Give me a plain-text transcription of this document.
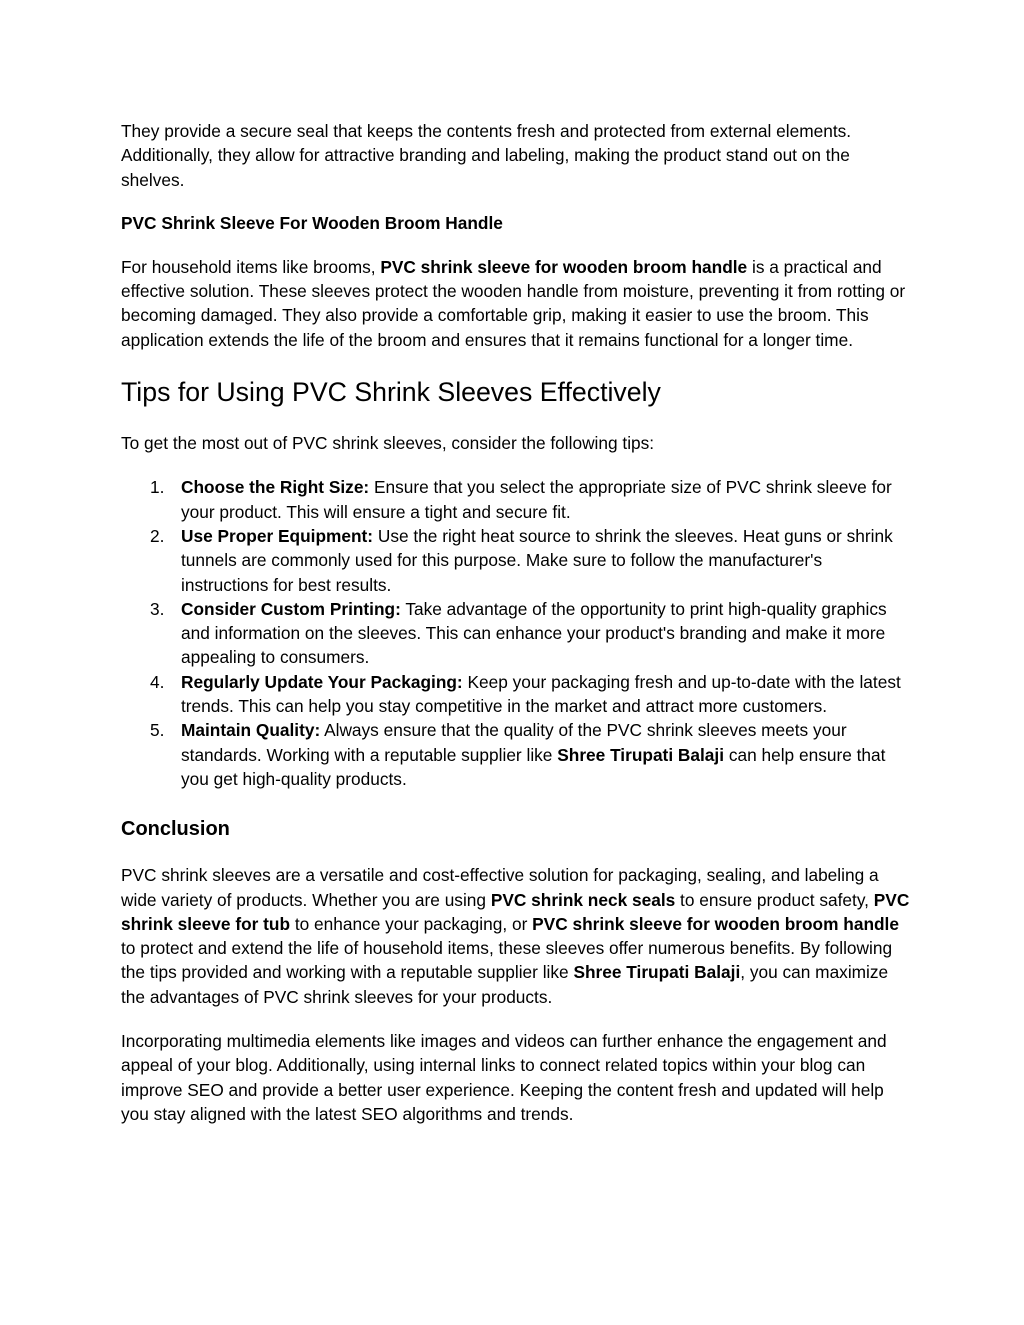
They provide a secure seal that keeps the contents fresh and protected from external elements. Additionally, they allow for attractive branding and labeling, making the product stand out on the shelves.

PVC Shrink Sleeve For Wooden Broom Handle

For household items like brooms, PVC shrink sleeve for wooden broom handle is a practical and effective solution. These sleeves protect the wooden handle from moisture, preventing it from rotting or becoming damaged. They also provide a comfortable grip, making it easier to use the broom. This application extends the life of the broom and ensures that it remains functional for a longer time.

Tips for Using PVC Shrink Sleeves Effectively

To get the most out of PVC shrink sleeves, consider the following tips:

1. Choose the Right Size: Ensure that you select the appropriate size of PVC shrink sleeve for your product. This will ensure a tight and secure fit.
2. Use Proper Equipment: Use the right heat source to shrink the sleeves. Heat guns or shrink tunnels are commonly used for this purpose. Make sure to follow the manufacturer's instructions for best results.
3. Consider Custom Printing: Take advantage of the opportunity to print high-quality graphics and information on the sleeves. This can enhance your product's branding and make it more appealing to consumers.
4. Regularly Update Your Packaging: Keep your packaging fresh and up-to-date with the latest trends. This can help you stay competitive in the market and attract more customers.
5. Maintain Quality: Always ensure that the quality of the PVC shrink sleeves meets your standards. Working with a reputable supplier like Shree Tirupati Balaji can help ensure that you get high-quality products.
Conclusion

PVC shrink sleeves are a versatile and cost-effective solution for packaging, sealing, and labeling a wide variety of products. Whether you are using PVC shrink neck seals to ensure product safety, PVC shrink sleeve for tub to enhance your packaging, or PVC shrink sleeve for wooden broom handle to protect and extend the life of household items, these sleeves offer numerous benefits. By following the tips provided and working with a reputable supplier like Shree Tirupati Balaji, you can maximize the advantages of PVC shrink sleeves for your products.

Incorporating multimedia elements like images and videos can further enhance the engagement and appeal of your blog. Additionally, using internal links to connect related topics within your blog can improve SEO and provide a better user experience. Keeping the content fresh and updated will help you stay aligned with the latest SEO algorithms and trends.
